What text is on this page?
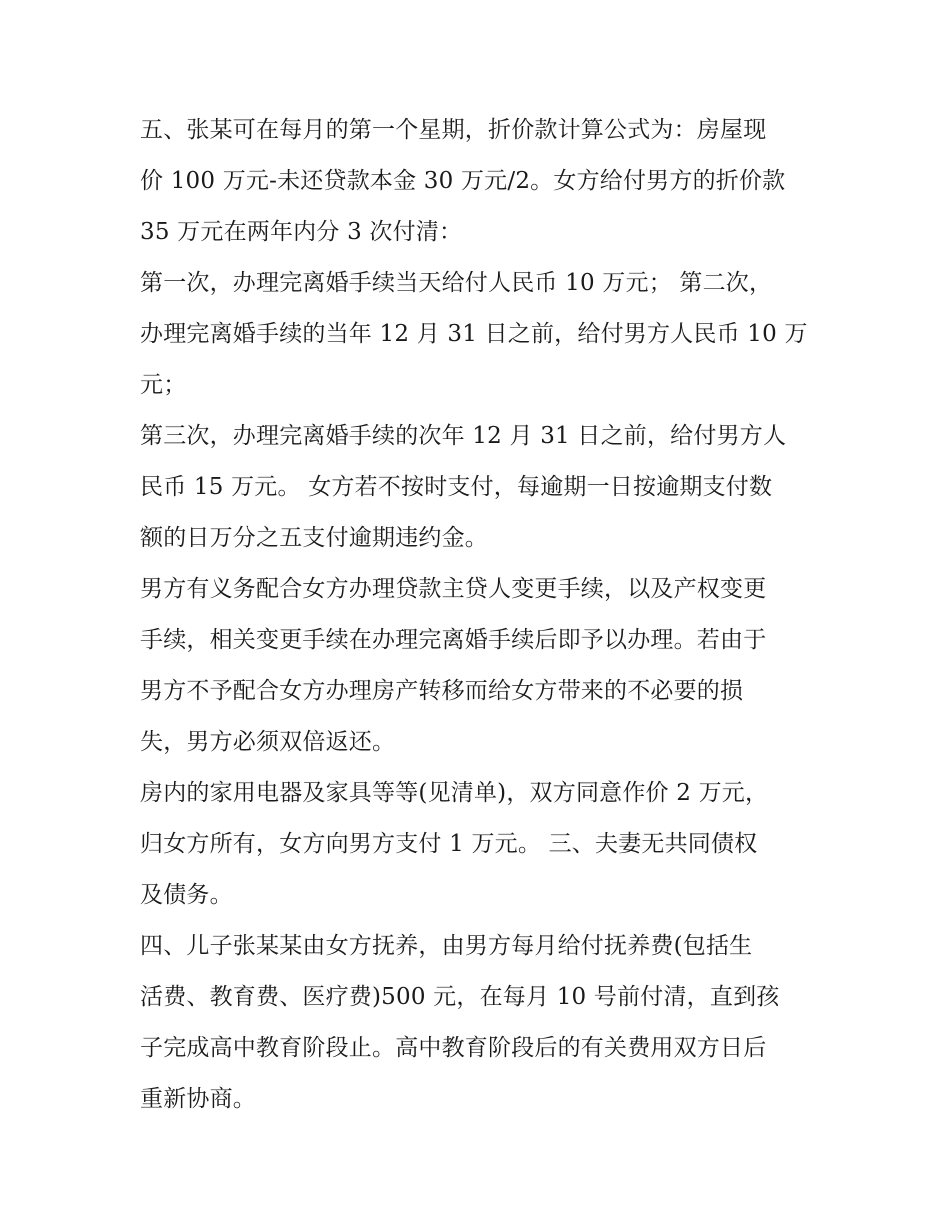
五、张某可在每月的第一个星期，折价款计算公式为：房屋现
价 100 万元-未还贷款本金 30 万元/2。女方给付男方的折价款
35 万元在两年内分 3 次付清：
第一次，办理完离婚手续当天给付人民币 10 万元； 第二次，
办理完离婚手续的当年 12 月 31 日之前，给付男方人民币 10 万
元；
第三次，办理完离婚手续的次年 12 月 31 日之前，给付男方人
民币 15 万元。 女方若不按时支付，每逾期一日按逾期支付数
额的日万分之五支付逾期违约金。
男方有义务配合女方办理贷款主贷人变更手续，以及产权变更
手续，相关变更手续在办理完离婚手续后即予以办理。若由于
男方不予配合女方办理房产转移而给女方带来的不必要的损
失，男方必须双倍返还。
房内的家用电器及家具等等(见清单)，双方同意作价 2 万元，
归女方所有，女方向男方支付 1 万元。 三、夫妻无共同债权
及债务。
四、儿子张某某由女方抚养，由男方每月给付抚养费(包括生
活费、教育费、医疗费)500 元，在每月 10 号前付清，直到孩
子完成高中教育阶段止。高中教育阶段后的有关费用双方日后
重新协商。
